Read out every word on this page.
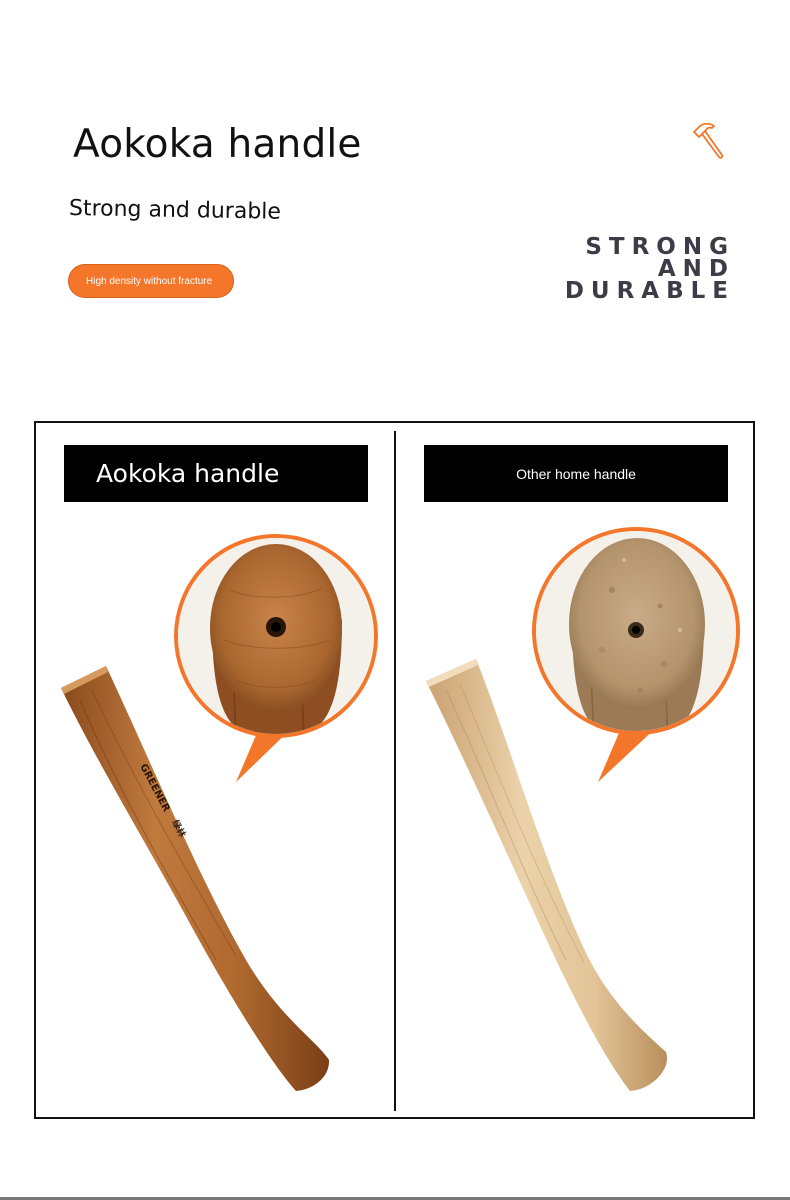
Aokoka handle
Strong and durable
High density without fracture
STRONG
AND
DURABLE
Aokoka handle	Other home handle
GREENER
绿林
